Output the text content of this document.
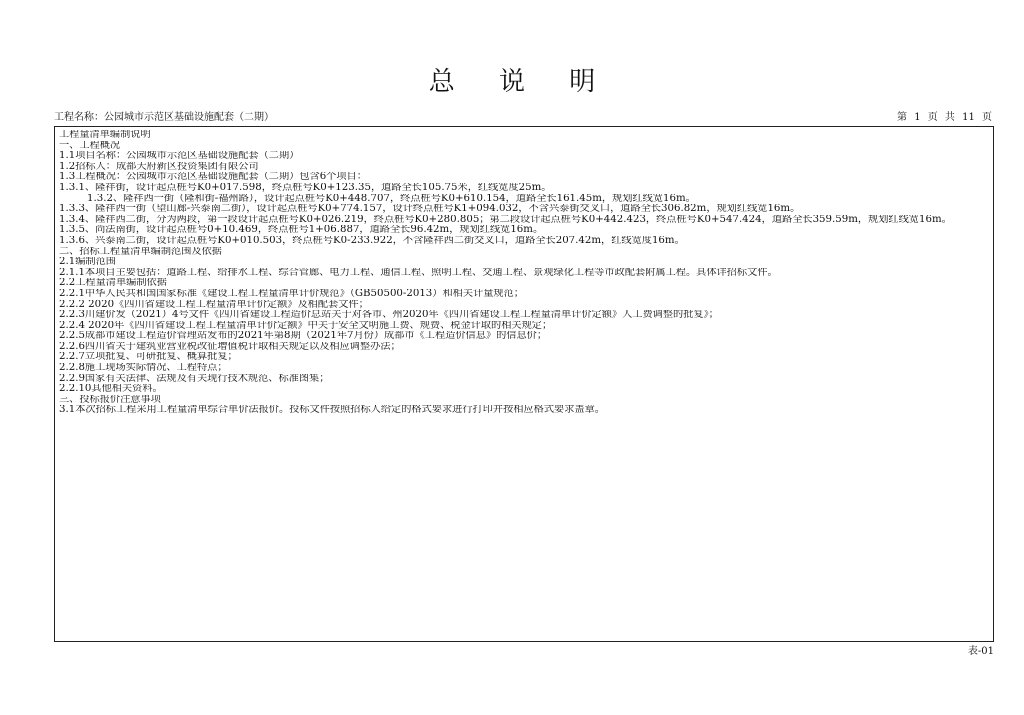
总 说 明
工程名称：公园城市示范区基础设施配套（二期）	第 1 页 共 11 页
工程量清单编制说明
一、工程概况
1.1项目名称：公园城市示范区基础设施配套（二期）
1.2招标人：成都天府新区投资集团有限公司
1.3工程概况：公园城市示范区基础设施配套（二期）包含6个项目：
1.3.1、隆祥街，设计起点桩号K0+017.598，终点桩号K0+123.35，道路全长105.75米，红线宽度25m。
1.3.2、隆祥西一街（隆和街-福州路），设计起点桩号K0+448.707，终点桩号K0+610.154，道路全长161.45m，规划红线宽16m。
1.3.3、隆祥西一街（望山廊-兴泰南二街），设计起点桩号K0+774.157，设计终点桩号K1+094.032，不含兴泰街交叉口，道路全长306.82m，规划红线宽16m。
1.3.4、隆祥西二街，分为两段，第一段设计起点桩号K0+026.219，终点桩号K0+280.805；第二段设计起点桩号K0+442.423，终点桩号K0+547.424，道路全长359.59m，规划红线宽16m。
1.3.5、尚法南街，设计起点桩号0+10.469，终点桩号1+06.887，道路全长96.42m，规划红线宽16m。
1.3.6、兴泰南二街，设计起点桩号K0+010.503，终点桩号K0-233.922，不含隆祥西二街交叉口，道路全长207.42m，红线宽度16m。
二、招标工程量清单编制范围及依据
2.1编制范围
2.1.1本项目主要包括：道路工程、给排水工程、综合管廊、电力工程、通信工程、照明工程、交通工程、景观绿化工程等市政配套附属工程。具体详招标文件。
2.2工程量清单编制依据
2.2.1中华人民共和国国家标准《建设工程工程量清单计价规范》（GB50500-2013）和相关计量规范；
2.2.2 2020《四川省建设工程工程量清单计价定额》及相配套文件；
2.2.3川建价发（2021）4号文件《四川省建设工程造价总站关于对各市、州2020年《四川省建设工程工程量清单计价定额》人工费调整的批复》；
2.2.4 2020年《四川省建设工程工程量清单计价定额》中关于安全文明施工费、规费、税金计取的相关规定；
2.2.5成都市建设工程造价管理站发布的2021年第8期（2021年7月份）成都市《工程造价信息》的信息价；
2.2.6四川省关于建筑业营业税改征增值税计取相关规定以及相应调整办法；
2.2.7立项批复、可研批复、概算批复；
2.2.8施工现场实际情况、工程特点；
2.2.9国家有关法律、法规及有关现行技术规范、标准图集；
2.2.10其他相关资料。
三、投标报价注意事项
3.1本次招标工程采用工程量清单综合单价法报价。投标文件按照招标人给定的格式要求进行打印并按相应格式要求盖章。
表-01
